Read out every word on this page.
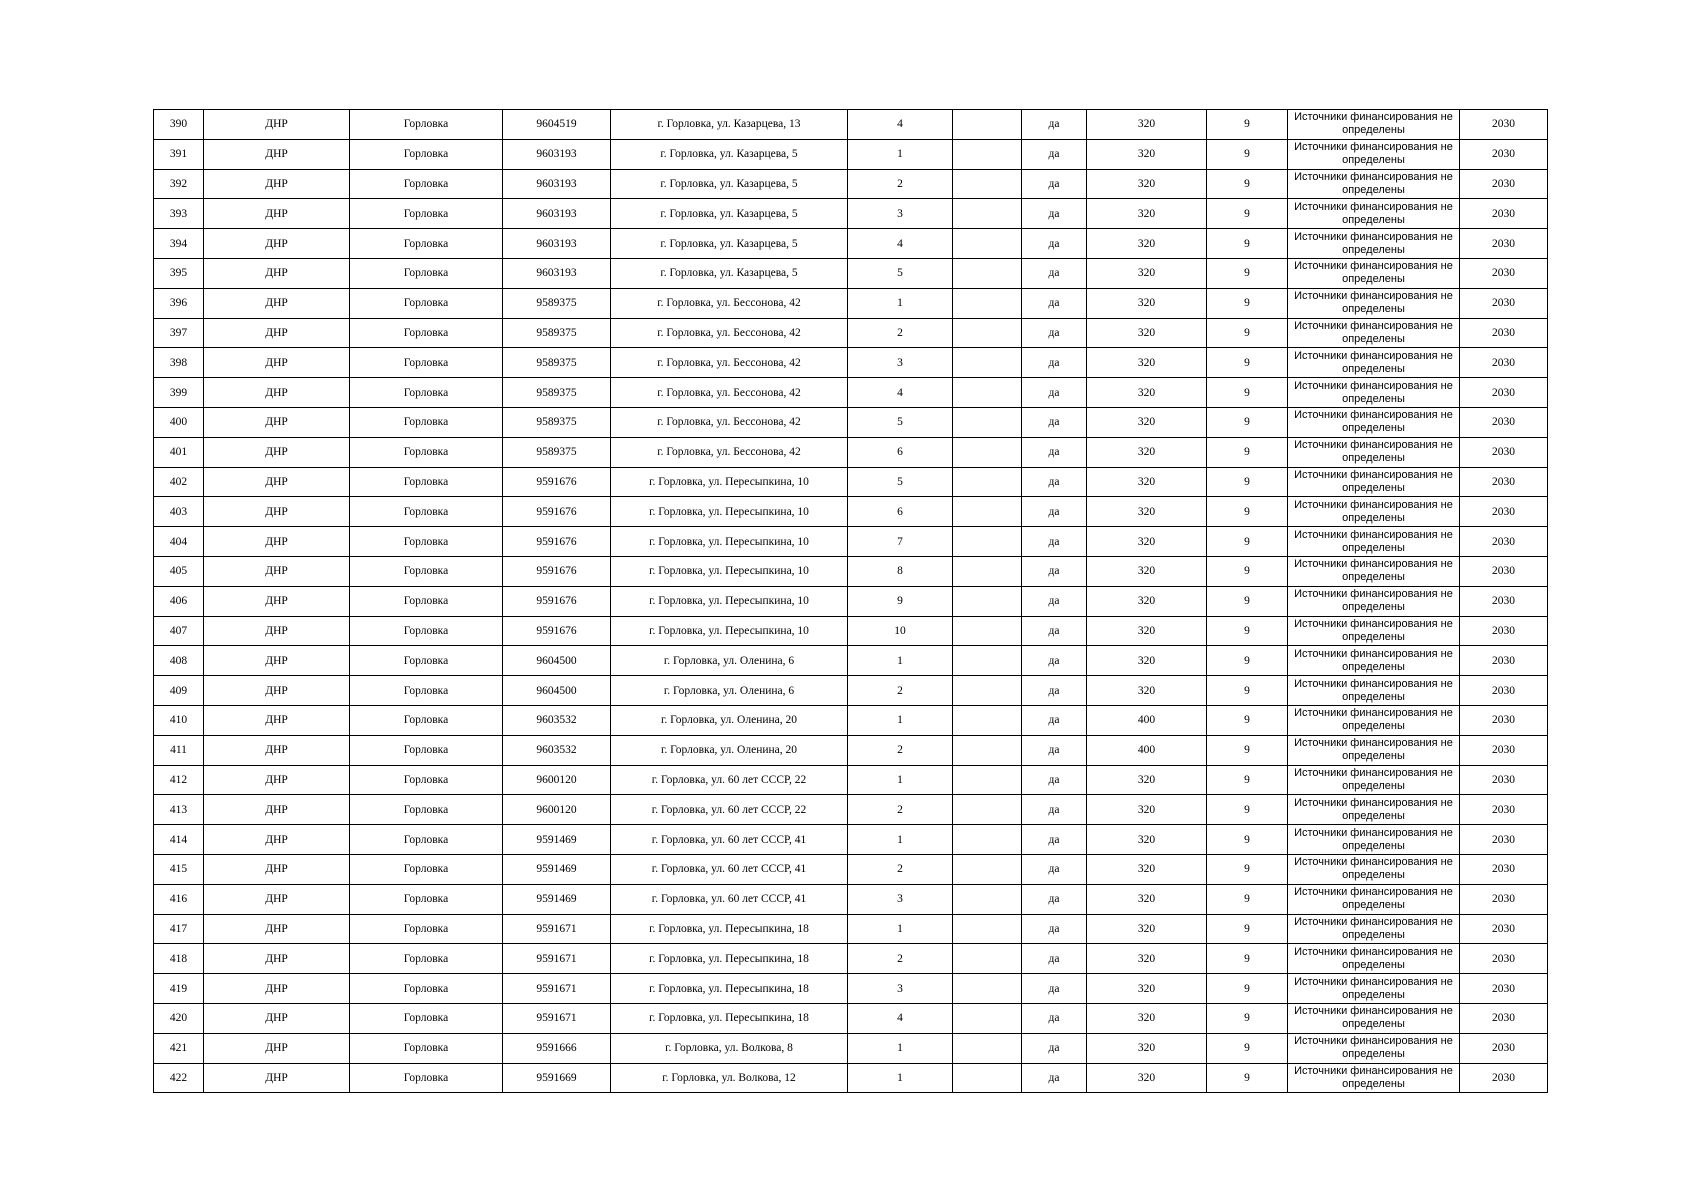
390	ДНР	Горловка	9604519	г. Горловка, ул. Казарцева, 13	4		да	320	9	Источники финансирования не определены	2030
391	ДНР	Горловка	9603193	г. Горловка, ул. Казарцева, 5	1		да	320	9	Источники финансирования не определены	2030
392	ДНР	Горловка	9603193	г. Горловка, ул. Казарцева, 5	2		да	320	9	Источники финансирования не определены	2030
393	ДНР	Горловка	9603193	г. Горловка, ул. Казарцева, 5	3		да	320	9	Источники финансирования не определены	2030
394	ДНР	Горловка	9603193	г. Горловка, ул. Казарцева, 5	4		да	320	9	Источники финансирования не определены	2030
395	ДНР	Горловка	9603193	г. Горловка, ул. Казарцева, 5	5		да	320	9	Источники финансирования не определены	2030
396	ДНР	Горловка	9589375	г. Горловка, ул. Бессонова, 42	1		да	320	9	Источники финансирования не определены	2030
397	ДНР	Горловка	9589375	г. Горловка, ул. Бессонова, 42	2		да	320	9	Источники финансирования не определены	2030
398	ДНР	Горловка	9589375	г. Горловка, ул. Бессонова, 42	3		да	320	9	Источники финансирования не определены	2030
399	ДНР	Горловка	9589375	г. Горловка, ул. Бессонова, 42	4		да	320	9	Источники финансирования не определены	2030
400	ДНР	Горловка	9589375	г. Горловка, ул. Бессонова, 42	5		да	320	9	Источники финансирования не определены	2030
401	ДНР	Горловка	9589375	г. Горловка, ул. Бессонова, 42	6		да	320	9	Источники финансирования не определены	2030
402	ДНР	Горловка	9591676	г. Горловка, ул. Пересыпкина, 10	5		да	320	9	Источники финансирования не определены	2030
403	ДНР	Горловка	9591676	г. Горловка, ул. Пересыпкина, 10	6		да	320	9	Источники финансирования не определены	2030
404	ДНР	Горловка	9591676	г. Горловка, ул. Пересыпкина, 10	7		да	320	9	Источники финансирования не определены	2030
405	ДНР	Горловка	9591676	г. Горловка, ул. Пересыпкина, 10	8		да	320	9	Источники финансирования не определены	2030
406	ДНР	Горловка	9591676	г. Горловка, ул. Пересыпкина, 10	9		да	320	9	Источники финансирования не определены	2030
407	ДНР	Горловка	9591676	г. Горловка, ул. Пересыпкина, 10	10		да	320	9	Источники финансирования не определены	2030
408	ДНР	Горловка	9604500	г. Горловка, ул. Оленина, 6	1		да	320	9	Источники финансирования не определены	2030
409	ДНР	Горловка	9604500	г. Горловка, ул. Оленина, 6	2		да	320	9	Источники финансирования не определены	2030
410	ДНР	Горловка	9603532	г. Горловка, ул. Оленина, 20	1		да	400	9	Источники финансирования не определены	2030
411	ДНР	Горловка	9603532	г. Горловка, ул. Оленина, 20	2		да	400	9	Источники финансирования не определены	2030
412	ДНР	Горловка	9600120	г. Горловка, ул. 60 лет СССР, 22	1		да	320	9	Источники финансирования не определены	2030
413	ДНР	Горловка	9600120	г. Горловка, ул. 60 лет СССР, 22	2		да	320	9	Источники финансирования не определены	2030
414	ДНР	Горловка	9591469	г. Горловка, ул. 60 лет СССР, 41	1		да	320	9	Источники финансирования не определены	2030
415	ДНР	Горловка	9591469	г. Горловка, ул. 60 лет СССР, 41	2		да	320	9	Источники финансирования не определены	2030
416	ДНР	Горловка	9591469	г. Горловка, ул. 60 лет СССР, 41	3		да	320	9	Источники финансирования не определены	2030
417	ДНР	Горловка	9591671	г. Горловка, ул. Пересыпкина, 18	1		да	320	9	Источники финансирования не определены	2030
418	ДНР	Горловка	9591671	г. Горловка, ул. Пересыпкина, 18	2		да	320	9	Источники финансирования не определены	2030
419	ДНР	Горловка	9591671	г. Горловка, ул. Пересыпкина, 18	3		да	320	9	Источники финансирования не определены	2030
420	ДНР	Горловка	9591671	г. Горловка, ул. Пересыпкина, 18	4		да	320	9	Источники финансирования не определены	2030
421	ДНР	Горловка	9591666	г. Горловка, ул. Волкова, 8	1		да	320	9	Источники финансирования не определены	2030
422	ДНР	Горловка	9591669	г. Горловка, ул. Волкова, 12	1		да	320	9	Источники финансирования не определены	2030
